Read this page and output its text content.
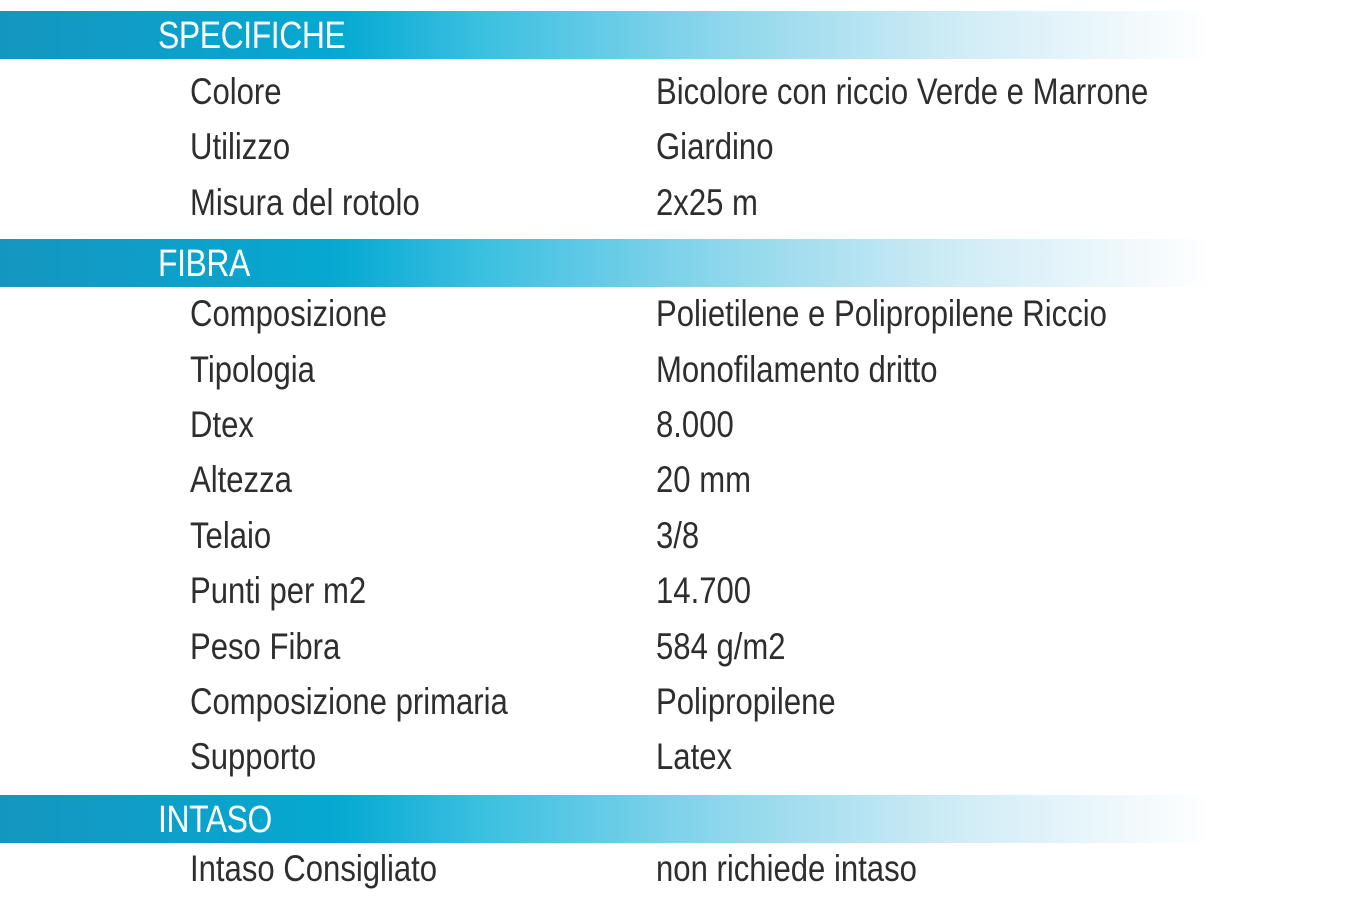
SPECIFICHE
Colore	Bicolore con riccio Verde e Marrone
Utilizzo	Giardino
Misura del rotolo	2x25 m
FIBRA
Composizione	Polietilene e Polipropilene Riccio
Tipologia	Monofilamento dritto
Dtex	8.000
Altezza	20 mm
Telaio	3/8
Punti per m2	14.700
Peso Fibra	584 g/m2
Composizione primaria	Polipropilene
Supporto	Latex
INTASO
Intaso Consigliato	non richiede intaso
